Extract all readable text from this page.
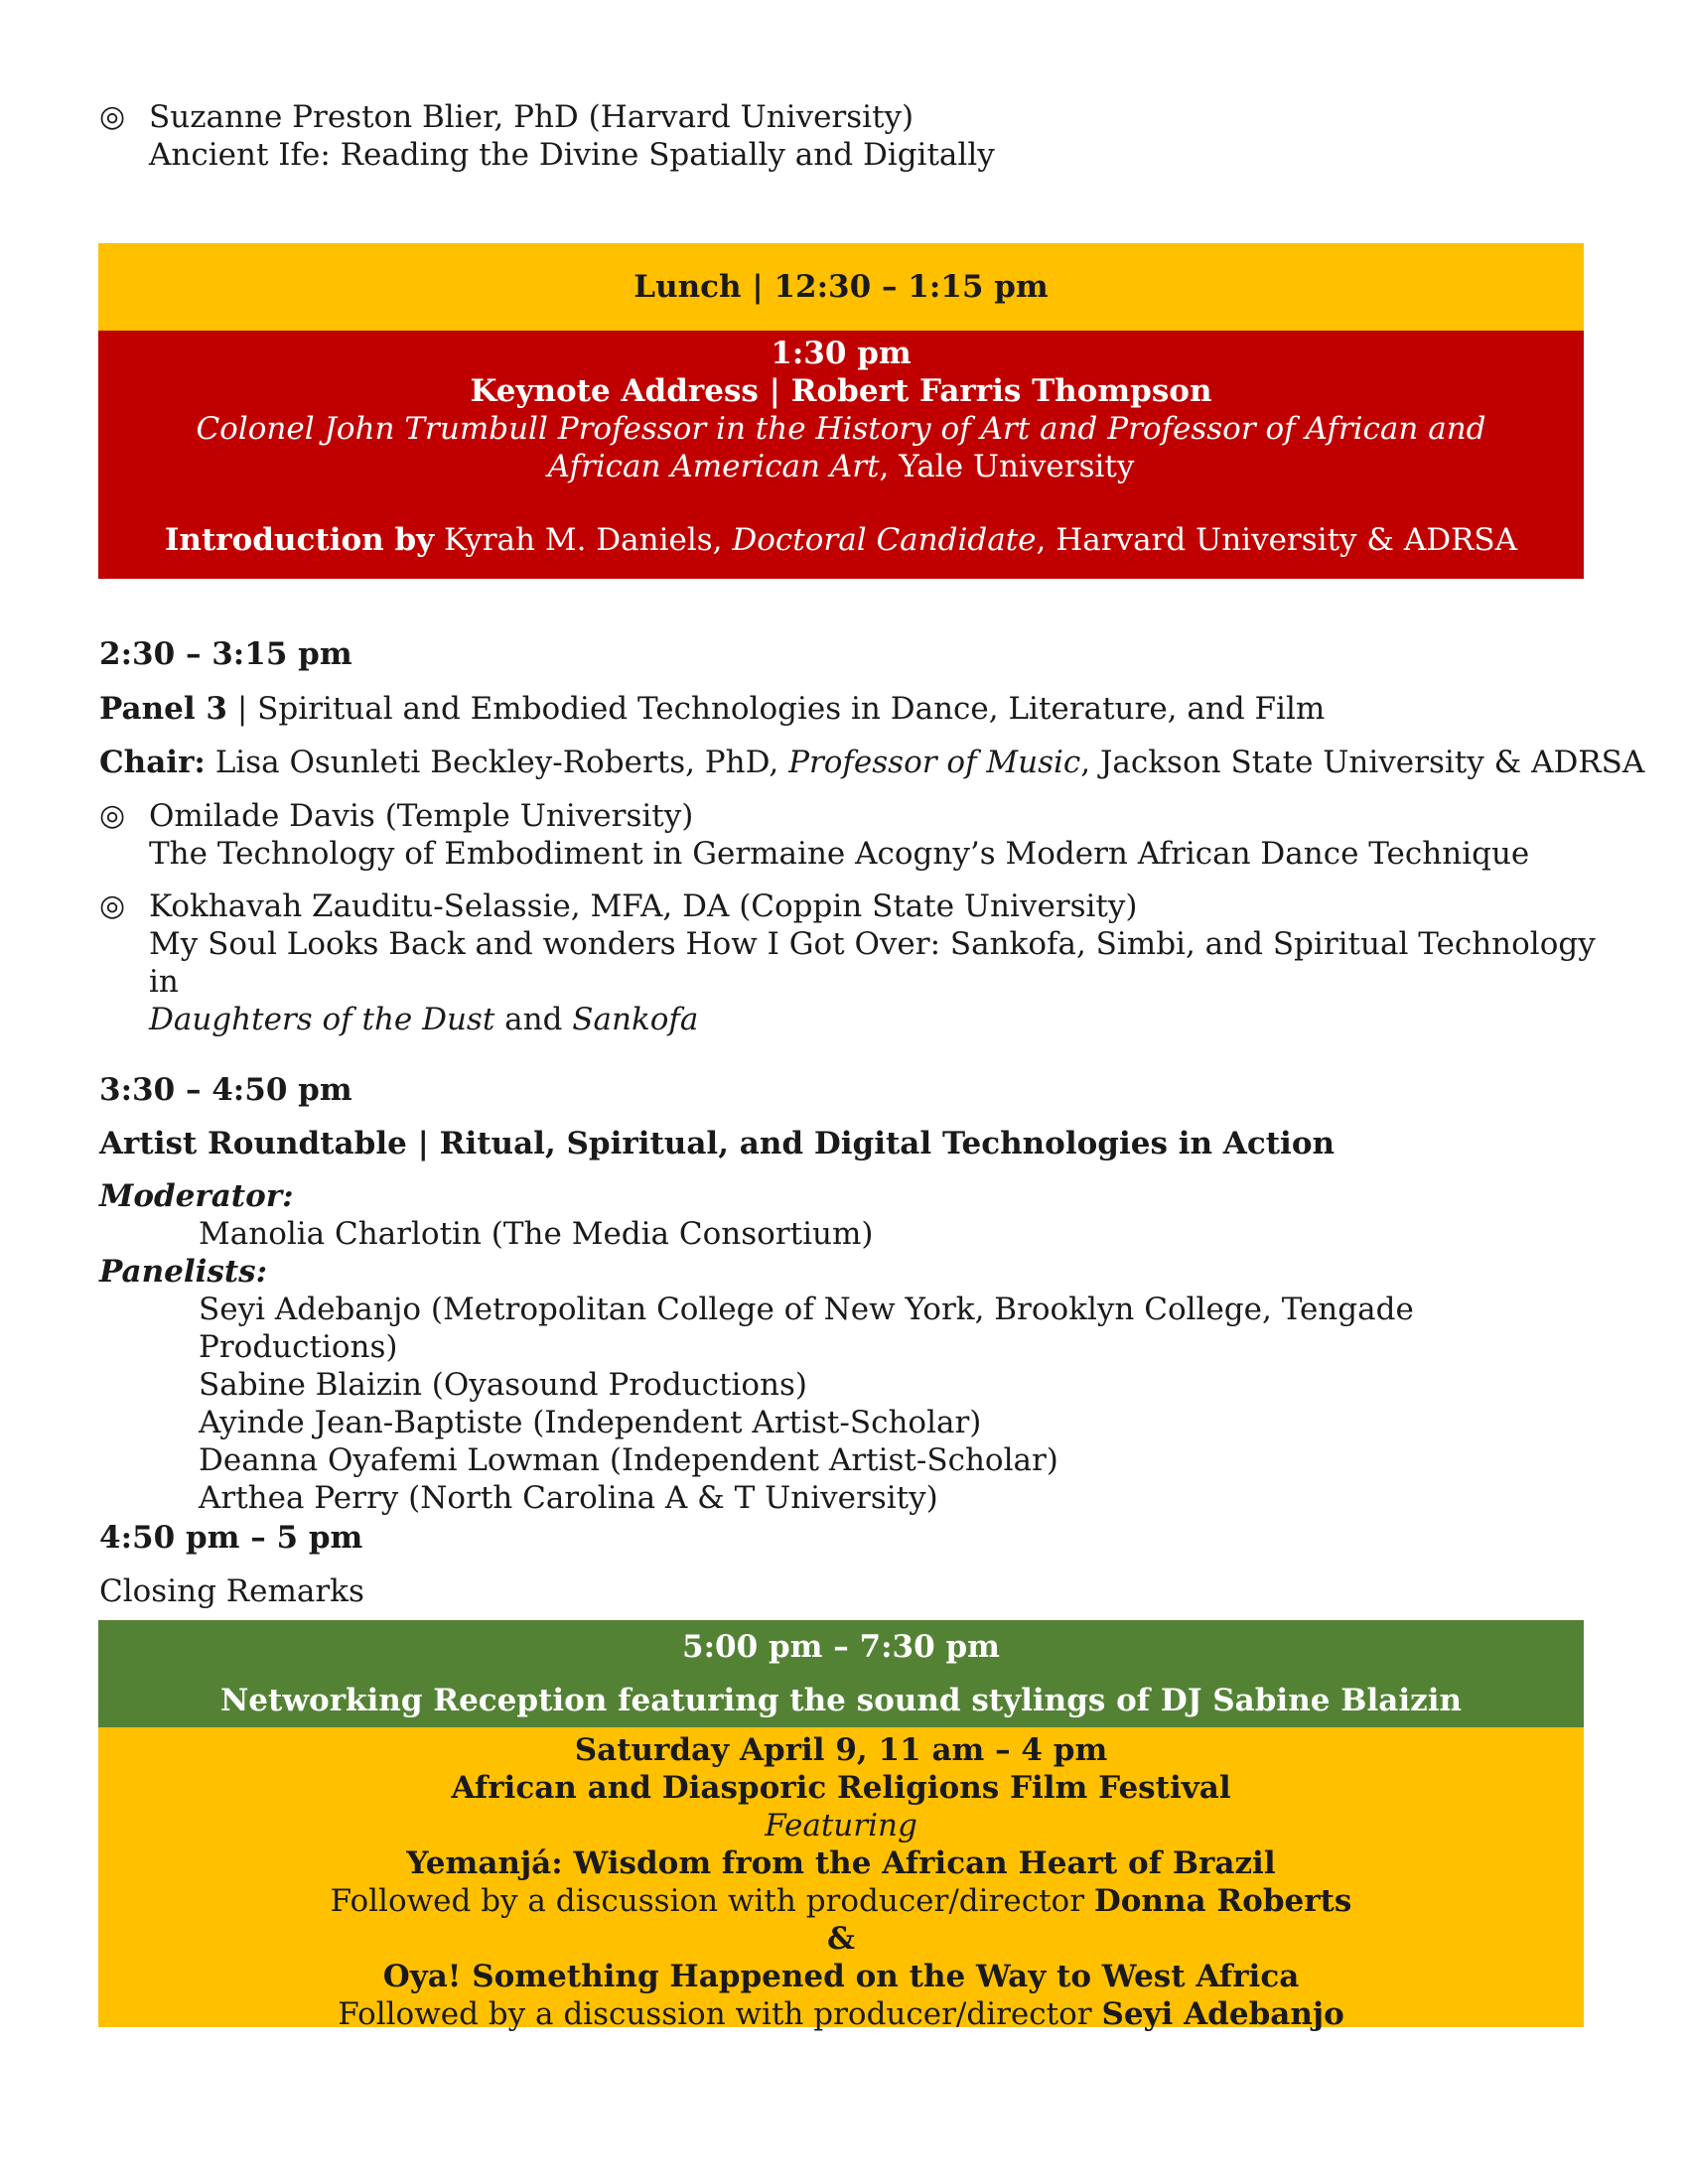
◎ Suzanne Preston Blier, PhD (Harvard University)
Ancient Ife: Reading the Divine Spatially and Digitally
Lunch | 12:30 – 1:15 pm
1:30 pm
Keynote Address | Robert Farris Thompson
Colonel John Trumbull Professor in the History of Art and Professor of African and African American Art, Yale University
Introduction by Kyrah M. Daniels, Doctoral Candidate, Harvard University & ADRSA
2:30 – 3:15 pm
Panel 3 | Spiritual and Embodied Technologies in Dance, Literature, and Film
Chair: Lisa Osunleti Beckley-Roberts, PhD, Professor of Music, Jackson State University & ADRSA
◎ Omilade Davis (Temple University)
The Technology of Embodiment in Germaine Acogny’s Modern African Dance Technique
◎ Kokhavah Zauditu-Selassie, MFA, DA (Coppin State University)
My Soul Looks Back and wonders How I Got Over: Sankofa, Simbi, and Spiritual Technology in
Daughters of the Dust and Sankofa
3:30 – 4:50 pm
Artist Roundtable | Ritual, Spiritual, and Digital Technologies in Action
Moderator:
Manolia Charlotin (The Media Consortium)
Panelists:
Seyi Adebanjo (Metropolitan College of New York, Brooklyn College, Tengade Productions)
Sabine Blaizin (Oyasound Productions)
Ayinde Jean-Baptiste (Independent Artist-Scholar)
Deanna Oyafemi Lowman (Independent Artist-Scholar)
Arthea Perry (North Carolina A & T University)
4:50 pm – 5 pm
Closing Remarks
5:00 pm – 7:30 pm
Networking Reception featuring the sound stylings of DJ Sabine Blaizin
Saturday April 9, 11 am – 4 pm
African and Diasporic Religions Film Festival
Featuring
Yemanjá: Wisdom from the African Heart of Brazil
Followed by a discussion with producer/director Donna Roberts
&
Oya! Something Happened on the Way to West Africa
Followed by a discussion with producer/director Seyi Adebanjo
